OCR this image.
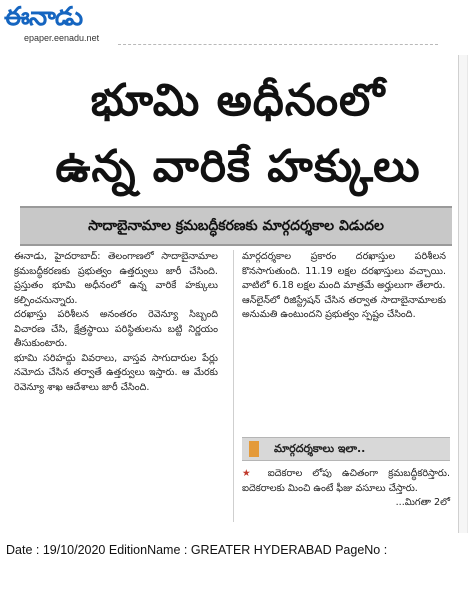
ఈనాడు
epaper.eenadu.net
భూమి అధీనంలో
ఉన్న వారికే హక్కులు
సాదాబైనామాల క్రమబద్ధీకరణకు మార్గదర్శకాల విడుదల

ఈనాడు, హైదరాబాద్‌: తెలంగాణలో సాదాబైనామాల క్రమబద్ధీకరణకు ప్రభుత్వం ఉత్తర్వులు జారీ చేసింది. ప్రస్తుతం భూమి అధీనంలో ఉన్న వారికే హక్కులు కల్పించనున్నారు.

దరఖాస్తు పరిశీలన అనంతరం రెవెన్యూ సిబ్బంది విచారణ చేసి, క్షేత్రస్థాయి పరిస్థితులను బట్టి నిర్ణయం తీసుకుంటారు.

భూమి సరిహద్దు వివరాలు, వాస్తవ సాగుదారుల పేర్లు నమోదు చేసిన తర్వాతే ఉత్తర్వులు ఇస్తారు. ఆ మేరకు రెవెన్యూ శాఖ ఆదేశాలు జారీ చేసింది.

మార్గదర్శకాల ప్రకారం దరఖాస్తుల పరిశీలన కొనసాగుతుంది. 11.19 లక్షల దరఖాస్తులు వచ్చాయి. వాటిలో 6.18 లక్షల మంది మాత్రమే అర్హులుగా తేలారు.

ఆన్‌లైన్‌లో రిజిస్ట్రేషన్‌ చేసిన తర్వాత సాదాబైనామాలకు అనుమతి ఉంటుందని ప్రభుత్వం స్పష్టం చేసింది.

మార్గదర్శకాలు ఇలా..
★ ఐదెకరాల లోపు ఉచితంగా క్రమబద్ధీకరిస్తారు. ఐదెకరాలకు మించి ఉంటే ఫీజు వసూలు చేస్తారు.
...మిగతా 2లో
Date : 19/10/2020 EditionName : GREATER HYDERABAD PageNo :
